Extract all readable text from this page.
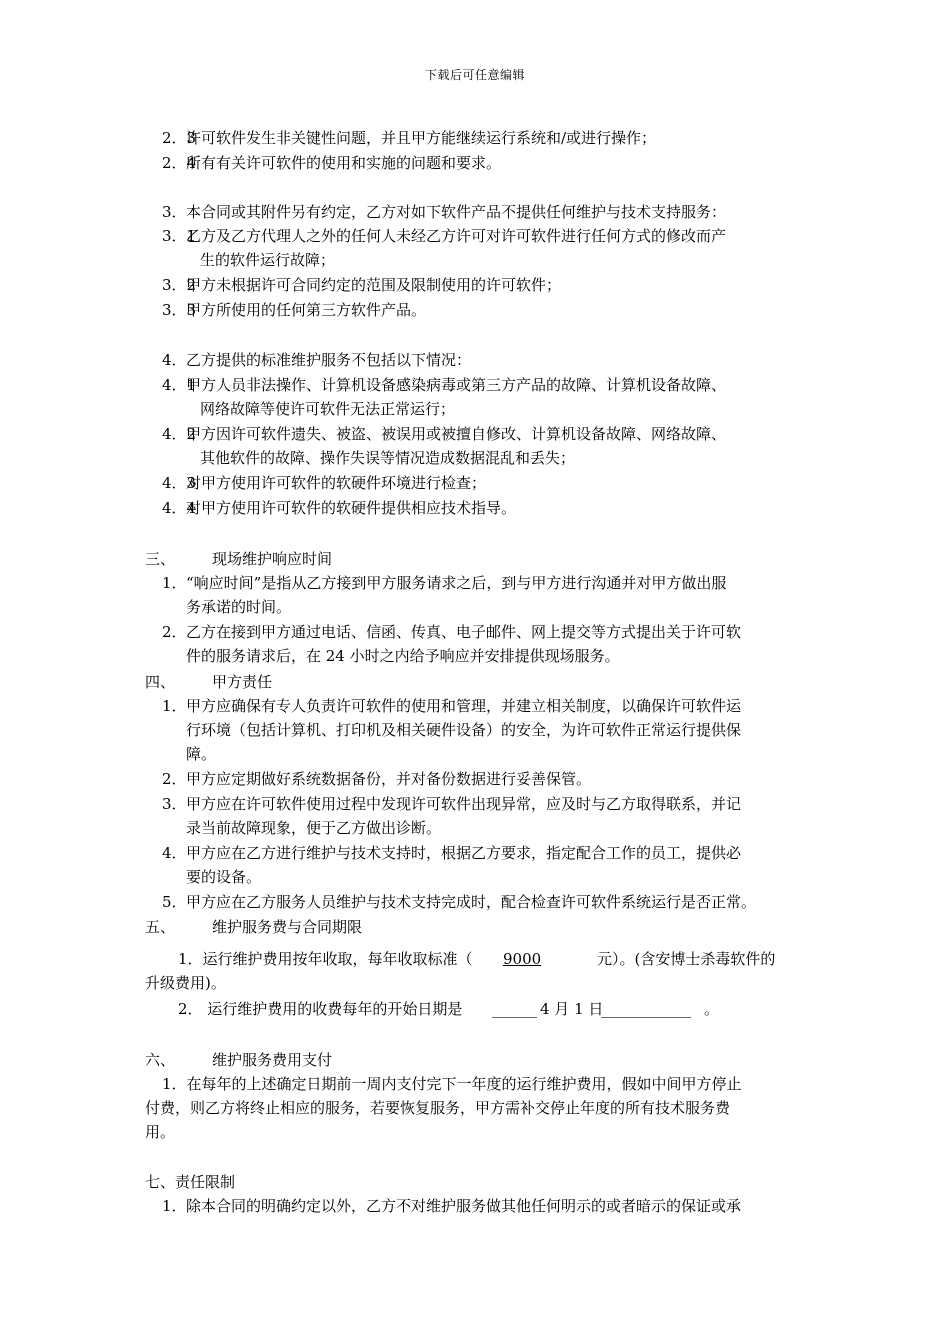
下载后可任意编辑
1．运行维护费用按年收取，每年收取标准（ 9000	元）。(含安博士杀毒软件的
升级费用)。
2． 运行维护费用的收费每年的开始日期是 ______ 4 月 1 日
____________ 。
2．3
许可软件发生非关键性问题，并且甲方能继续运行系统和/或进行操作；
2．4
所有有关许可软件的使用和实施的问题和要求。
3． 本合同或其附件另有约定，乙方对如下软件产品不提供任何维护与技术支持服务：
3．1
乙方及乙方代理人之外的任何人未经乙方许可对许可软件进行任何方式的修改而产
生的软件运行故障；
3．2
甲方未根据许可合同约定的范围及限制使用的许可软件；
3．3
甲方所使用的任何第三方软件产品。
4． 乙方提供的标准维护服务不包括以下情况：
4．1
甲方人员非法操作、计算机设备感染病毒或第三方产品的故障、计算机设备故障、
网络故障等使许可软件无法正常运行；
4．2
甲方因许可软件遗失、被盗、被误用或被擅自修改、计算机设备故障、网络故障、
其他软件的故障、操作失误等情况造成数据混乱和丢失；
4．3
对甲方使用许可软件的软硬件环境进行检查；
4．4
对甲方使用许可软件的软硬件提供相应技术指导。
三、 现场维护响应时间
1． “响应时间”是指从乙方接到甲方服务请求之后，到与甲方进行沟通并对甲方做出服
务承诺的时间。
2． 乙方在接到甲方通过电话、信函、传真、电子邮件、网上提交等方式提出关于许可软
件的服务请求后，在 24 小时之内给予响应并安排提供现场服务。
四、 甲方责任
1． 甲方应确保有专人负责许可软件的使用和管理，并建立相关制度，以确保许可软件运
行环境（包括计算机、打印机及相关硬件设备）的安全，为许可软件正常运行提供保
障。
2． 甲方应定期做好系统数据备份，并对备份数据进行妥善保管。
3． 甲方应在许可软件使用过程中发现许可软件出现异常，应及时与乙方取得联系，并记
录当前故障现象，便于乙方做出诊断。
4． 甲方应在乙方进行维护与技术支持时，根据乙方要求，指定配合工作的员工，提供必
要的设备。
5． 甲方应在乙方服务人员维护与技术支持完成时，配合检查许可软件系统运行是否正常。
五、 维护服务费与合同期限
六、 维护服务费用支付
1．在每年的上述确定日期前一周内支付完下一年度的运行维护费用，假如中间甲方停止
付费，则乙方将终止相应的服务，若要恢复服务，甲方需补交停止年度的所有技术服务费
用。
七、责任限制
1． 除本合同的明确约定以外，乙方不对维护服务做其他任何明示的或者暗示的保证或承
